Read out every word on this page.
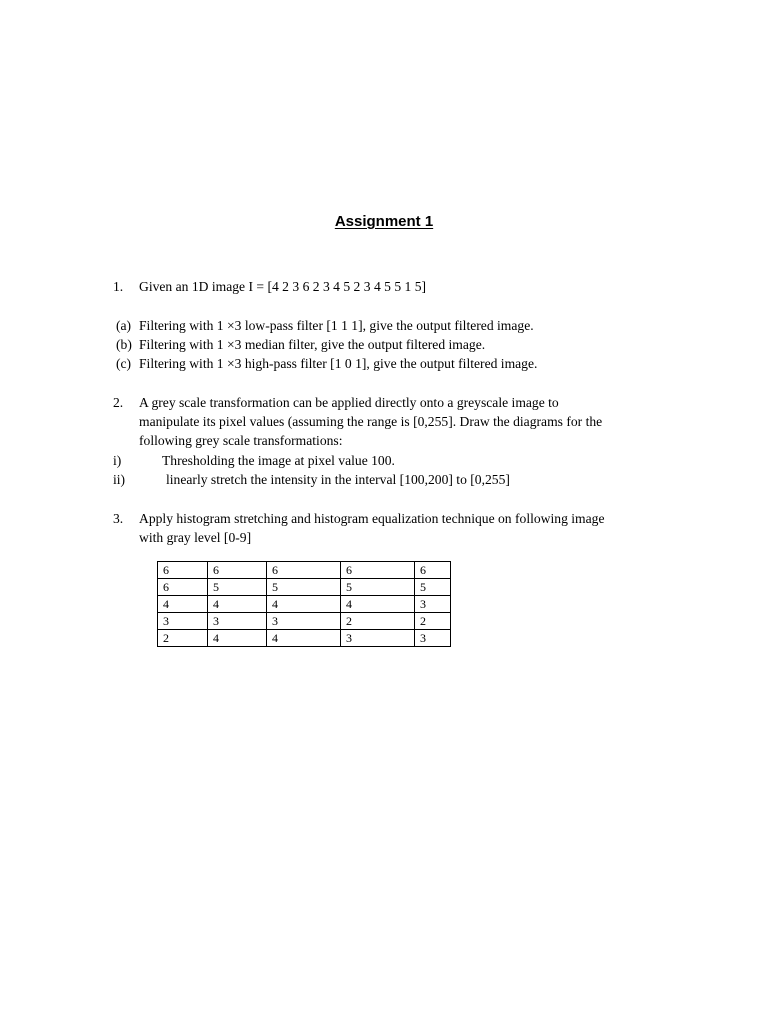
Assignment 1
1. Given an 1D image I = [4 2 3 6 2 3 4 5 2 3 4 5 5 1 5]
(a) Filtering with 1 ×3 low-pass filter [1 1 1], give the output filtered image.
(b) Filtering with 1 ×3 median filter, give the output filtered image.
(c) Filtering with 1 ×3 high-pass filter [1 0 1], give the output filtered image.
2. A grey scale transformation can be applied directly onto a greyscale image to
manipulate its pixel values (assuming the range is [0,255]. Draw the diagrams for the
following grey scale transformations:
i)	Thresholding the image at pixel value 100.
ii)	linearly stretch the intensity in the interval [100,200] to [0,255]
3. Apply histogram stretching and histogram equalization technique on following image
with gray level [0-9]
6	6	6	6	6
6	5	5	5	5
4	4	4	4	3
3	3	3	2	2
2	4	4	3	3
